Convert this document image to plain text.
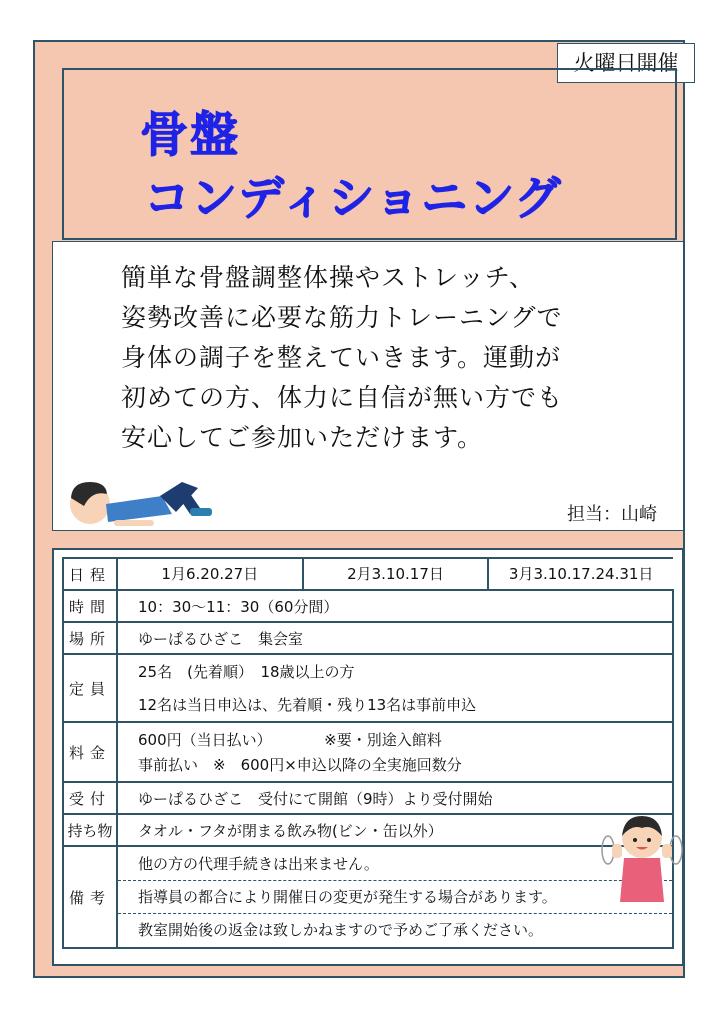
火曜日開催
骨盤
コンディショニング
簡単な骨盤調整体操やストレッチ、
姿勢改善に必要な筋力トレーニングで
身体の調子を整えていきます。運動が
初めての方、体力に自信が無い方でも
安心してご参加いただけます。
担当：山崎
日程	1月6.20.27日 2月3.10.17日 3月3.10.17.24.31日

時間	10：30～11：30（60分間）
場所	ゆーぱるひざこ　集会室
定員	25名　(先着順）　18歳以上の方
12名は当日申込は、先着順・残り13名は事前申込

料金	600円（当日払い）　　　　※要・別途入館料
事前払い　※　600円×申込以降の全実施回数分

受付	ゆーぱるひざこ　受付にて開館（9時）より受付開始
持ち物	タオル・フタが閉まる飲み物(ビン・缶以外）
備考	他の方の代理手続きは出来ません。
指導員の都合により開催日の変更が発生する場合があります。
教室開始後の返金は致しかねますので予めご了承ください。
